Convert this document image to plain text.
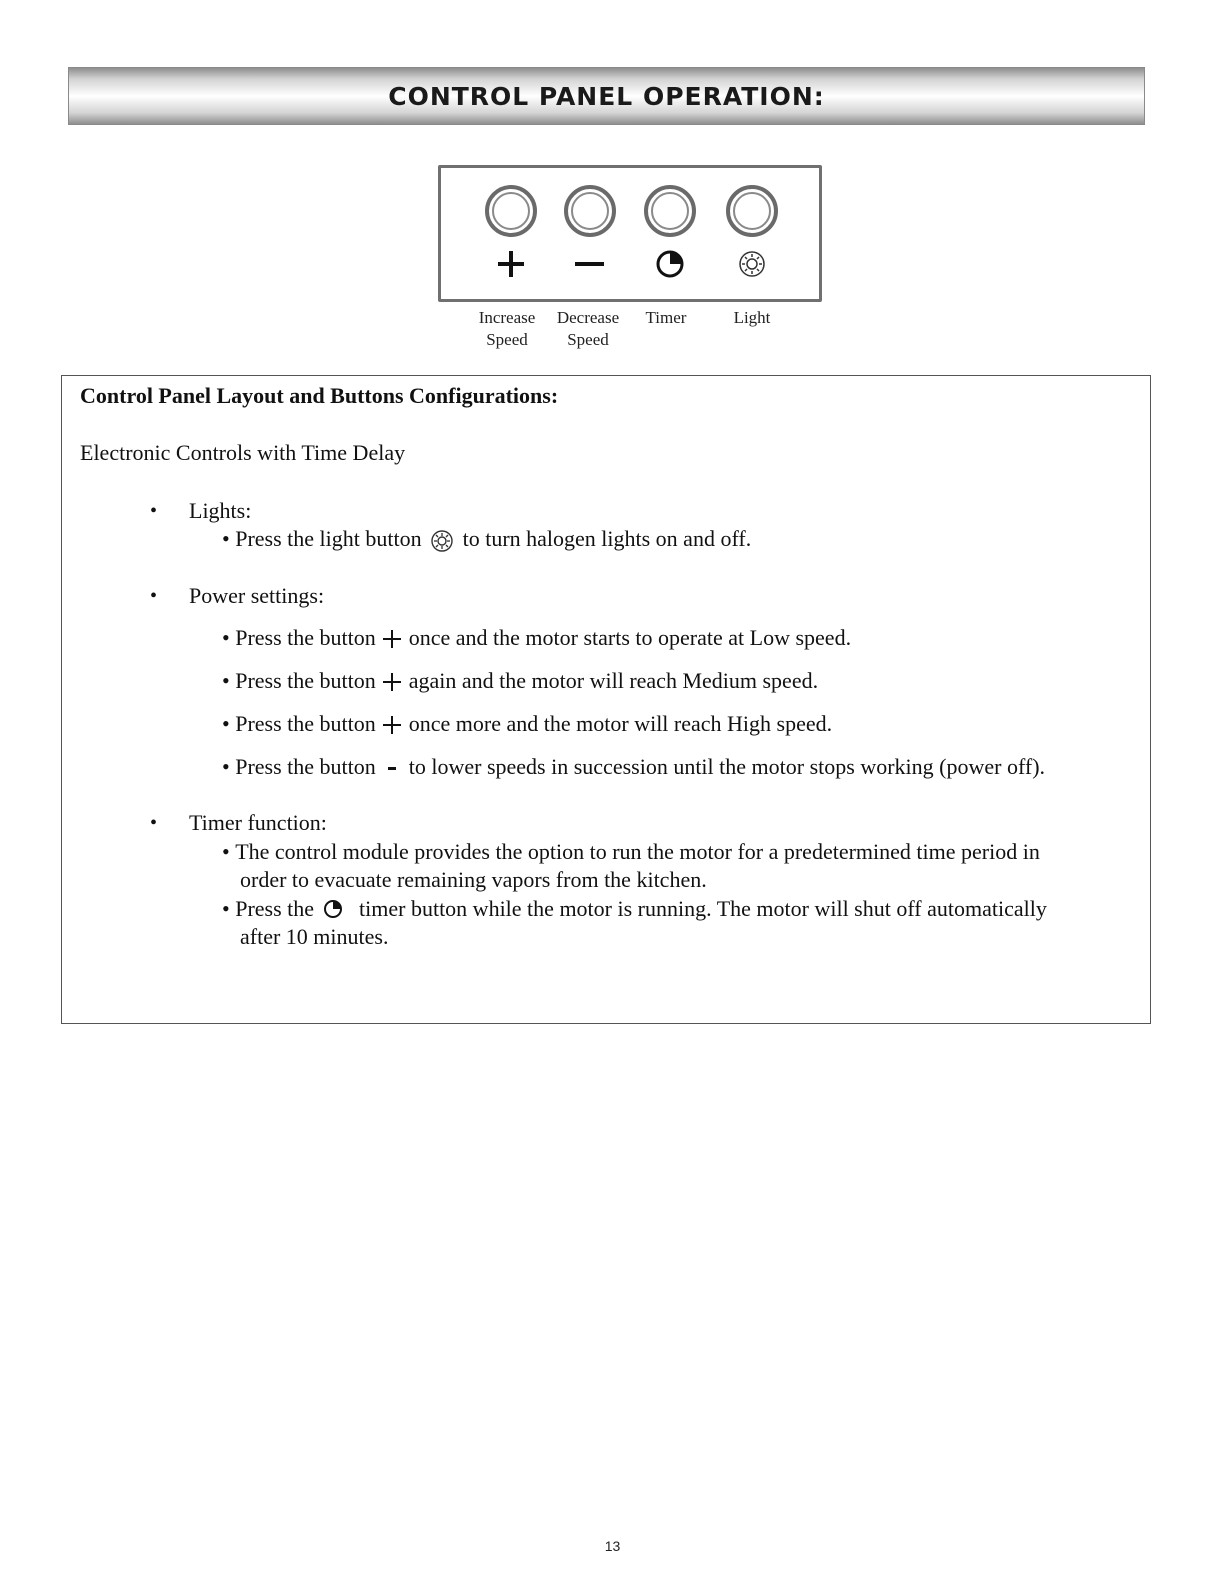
CONTROL PANEL OPERATION:
Increase
Speed
Decrease
Speed
Timer	Light
Control Panel Layout and Buttons Configurations:
Electronic Controls with Time Delay
• Lights:
• Press the light button to turn halogen lights on and off.
• Power settings:
• Press the button once and the motor starts to operate at Low speed.
• Press the button again and the motor will reach Medium speed.
• Press the button once more and the motor will reach High speed.
• Press the button to lower speeds in succession until the motor stops working (power off).
• Timer function:
• The control module provides the option to run the motor for a predetermined time period in
order to evacuate remaining vapors from the kitchen.
• Press the timer button while the motor is running. The motor will shut off automatically
after 10 minutes.
13
